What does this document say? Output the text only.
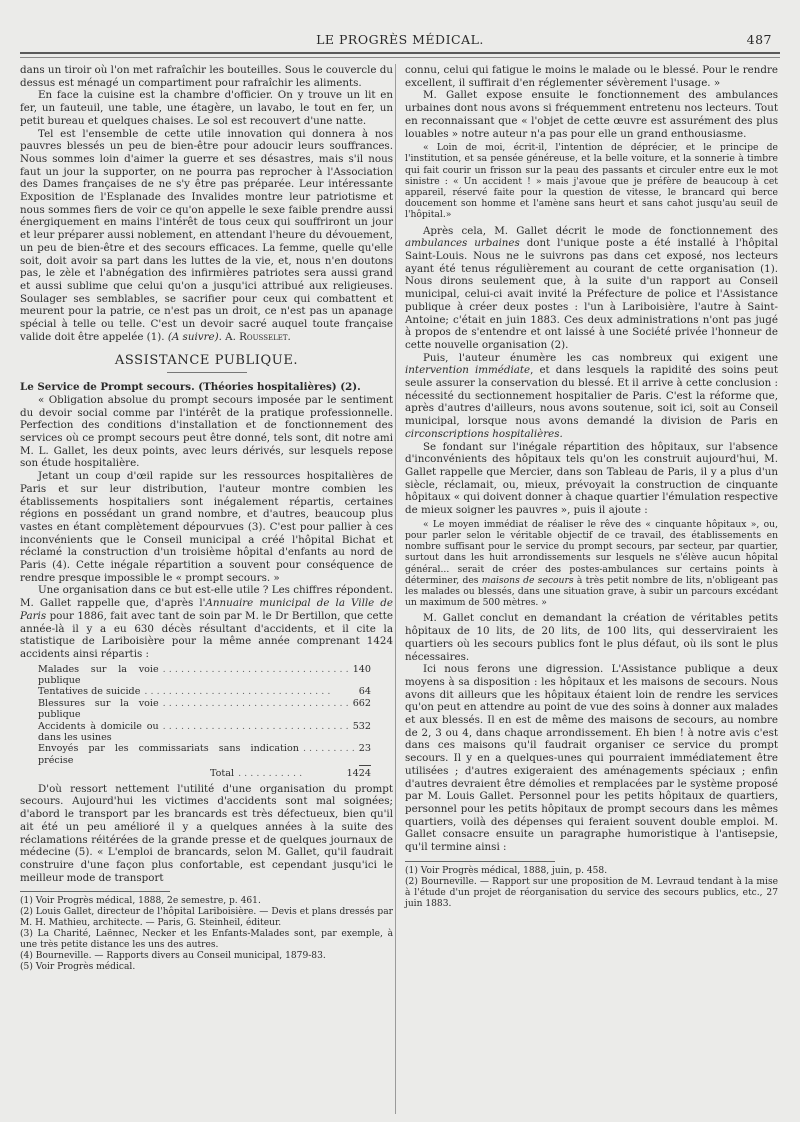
LE PROGRÈS MÉDICAL.	487

dans un tiroir où l'on met rafraîchir les bouteilles. Sous le couvercle du dessus est ménagé un compartiment pour rafraîchir les aliments.

En face la cuisine est la chambre d'officier. On y trouve un lit en fer, un fauteuil, une table, une étagère, un lavabo, le tout en fer, un petit bureau et quelques chaises. Le sol est recouvert d'une natte.

Tel est l'ensemble de cette utile innovation qui donnera à nos pauvres blessés un peu de bien-être pour adoucir leurs souffrances. Nous sommes loin d'aimer la guerre et ses désastres, mais s'il nous faut un jour la supporter, on ne pourra pas reprocher à l'Association des Dames françaises de ne s'y être pas préparée. Leur intéressante Exposition de l'Esplanade des Invalides montre leur patriotisme et nous sommes fiers de voir ce qu'on appelle le sexe faible prendre aussi énergiquement en mains l'intérêt de tous ceux qui souffriront un jour et leur préparer aussi noblement, en attendant l'heure du dévouement, un peu de bien-être et des secours efficaces. La femme, quelle qu'elle soit, doit avoir sa part dans les luttes de la vie, et, nous n'en doutons pas, le zèle et l'abnégation des infirmières patriotes sera aussi grand et aussi sublime que celui qu'on a jusqu'ici attribué aux religieuses. Soulager ses semblables, se sacrifier pour ceux qui combattent et meurent pour la patrie, ce n'est pas un droit, ce n'est pas un apanage spécial à telle ou telle. C'est un devoir sacré auquel toute française valide doit être appelée (1). (A suivre). A. Rousselet.

ASSISTANCE PUBLIQUE.

Le Service de Prompt secours. (Théories hospitalières) (2).

« Obligation absolue du prompt secours imposée par le sentiment du devoir social comme par l'intérêt de la pratique professionnelle. Perfection des conditions d'installation et de fonctionnement des services où ce prompt secours peut être donné, tels sont, dit notre ami M. L. Gallet, les deux points, avec leurs dérivés, sur lesquels repose son étude hospitalière.

Jetant un coup d'œil rapide sur les ressources hospitalières de Paris et sur leur distribution, l'auteur montre combien les établissements hospitaliers sont inégalement répartis, certaines régions en possédant un grand nombre, et d'autres, beaucoup plus vastes en étant complètement dépourvues (3). C'est pour pallier à ces inconvénients que le Conseil municipal a créé l'hôpital Bichat et réclamé la construction d'un troisième hôpital d'enfants au nord de Paris (4). Cette inégale répartition a souvent pour conséquence de rendre presque impossible le « prompt secours. »

Une organisation dans ce but est-elle utile ? Les chiffres répondent. M. Gallet rappelle que, d'après l'Annuaire municipal de la Ville de Paris pour 1886, fait avec tant de soin par M. le Dr Bertillon, que cette année-là il y a eu 630 décès résultant d'accidents, et il cite la statistique de Lariboisière pour la même année comprenant 1424 accidents ainsi répartis :

Malades sur la voie publique
. . . . . . . . . . . . . . . . . . . . . . . . . . . . . . . 140
Tentatives de suicide . . . . . . . . . . . . . . . . . . . . . . . . . . . . . . .	64
Blessures sur la voie publique
. . . . . . . . . . . . . . . . . . . . . . . . . . . . . . . 662
Accidents à domicile ou dans les usines
. . . . . . . . . . . . . . . . . . . . . . . . . . . . . . . 532
Envoyés par les commissariats sans indication précise
. . . . . . . . . 23
Total . . . . . . . . . . .	1424

D'où ressort nettement l'utilité d'une organisation du prompt secours. Aujourd'hui les victimes d'accidents sont mal soignées; d'abord le transport par les brancards est très défectueux, bien qu'il ait été un peu amélioré il y a quelques années à la suite des réclamations réitérées de la grande presse et de quelques journaux de médecine (5). « L'emploi de brancards, selon M. Gallet, qu'il faudrait construire d'une façon plus confortable, est cependant jusqu'ici le meilleur mode de transport

(1) Voir Progrès médical, 1888, 2e semestre, p. 461.
(2) Louis Gallet, directeur de l'hôpital Lariboisière. — Devis et plans dressés par M. H. Mathieu, architecte. — Paris, G. Steinheil, éditeur.
(3) La Charité, Laënnec, Necker et les Enfants-Malades sont, par exemple, à une très petite distance les uns des autres.
(4) Bourneville. — Rapports divers au Conseil municipal, 1879-83.
(5) Voir Progrès médical.

connu, celui qui fatigue le moins le malade ou le blessé. Pour le rendre excellent, il suffirait d'en réglementer sévèrement l'usage. »

M. Gallet expose ensuite le fonctionnement des ambulances urbaines dont nous avons si fréquemment entretenu nos lecteurs. Tout en reconnaissant que « l'objet de cette œuvre est assurément des plus louables » notre auteur n'a pas pour elle un grand enthousiasme.

« Loin de moi, écrit-il, l'intention de déprécier, et le principe de l'institution, et sa pensée généreuse, et la belle voiture, et la sonnerie à timbre qui fait courir un frisson sur la peau des passants et circuler entre eux le mot sinistre : « Un accident ! » mais j'avoue que je préfère de beaucoup à cet appareil, réservé faite pour la question de vitesse, le brancard qui berce doucement son homme et l'amène sans heurt et sans cahot jusqu'au seuil de l'hôpital.»

Après cela, M. Gallet décrit le mode de fonctionnement des ambulances urbaines dont l'unique poste a été installé à l'hôpital Saint-Louis. Nous ne le suivrons pas dans cet exposé, nos lecteurs ayant été tenus régulièrement au courant de cette organisation (1). Nous dirons seulement que, à la suite d'un rapport au Conseil municipal, celui-ci avait invité la Préfecture de police et l'Assistance publique à créer deux postes : l'un à Lariboisière, l'autre à Saint-Antoine; c'était en juin 1883. Ces deux administrations n'ont pas jugé à propos de s'entendre et ont laissé à une Société privée l'honneur de cette nouvelle organisation (2).

Puis, l'auteur énumère les cas nombreux qui exigent une intervention immédiate, et dans lesquels la rapidité des soins peut seule assurer la conservation du blessé. Et il arrive à cette conclusion : nécessité du sectionnement hospitalier de Paris. C'est la réforme que, après d'autres d'ailleurs, nous avons soutenue, soit ici, soit au Conseil municipal, lorsque nous avons demandé la division de Paris en circonscriptions hospitalières.

Se fondant sur l'inégale répartition des hôpitaux, sur l'absence d'inconvénients des hôpitaux tels qu'on les construit aujourd'hui, M. Gallet rappelle que Mercier, dans son Tableau de Paris, il y a plus d'un siècle, réclamait, ou, mieux, prévoyait la construction de cinquante hôpitaux « qui doivent donner à chaque quartier l'émulation respective de mieux soigner les pauvres », puis il ajoute :

« Le moyen immédiat de réaliser le rêve des « cinquante hôpitaux », ou, pour parler selon le véritable objectif de ce travail, des établissements en nombre suffisant pour le service du prompt secours, par secteur, par quartier, surtout dans les huit arrondissements sur lesquels ne s'élève aucun hôpital général... serait de créer des postes-ambulances sur certains points à déterminer, des maisons de secours à très petit nombre de lits, n'obligeant pas les malades ou blessés, dans une situation grave, à subir un parcours excédant un maximum de 500 mètres. »

M. Gallet conclut en demandant la création de véritables petits hôpitaux de 10 lits, de 20 lits, de 100 lits, qui desserviraient les quartiers où les secours publics font le plus défaut, où ils sont le plus nécessaires.

Ici nous ferons une digression. L'Assistance publique a deux moyens à sa disposition : les hôpitaux et les maisons de secours. Nous avons dit ailleurs que les hôpitaux étaient loin de rendre les services qu'on peut en attendre au point de vue des soins à donner aux malades et aux blessés. Il en est de même des maisons de secours, au nombre de 2, 3 ou 4, dans chaque arrondissement. Eh bien ! à notre avis c'est dans ces maisons qu'il faudrait organiser ce service du prompt secours. Il y en a quelques-unes qui pourraient immédiatement être utilisées ; d'autres exigeraient des aménagements spéciaux ; enfin d'autres devraient être démolies et remplacées par le système proposé par M. Louis Gallet. Personnel pour les petits hôpitaux de quartiers, personnel pour les petits hôpitaux de prompt secours dans les mêmes quartiers, voilà des dépenses qui feraient souvent double emploi. M. Gallet consacre ensuite un paragraphe humoristique à l'antisepsie, qu'il termine ainsi :

(1) Voir Progrès médical, 1888, juin, p. 458.
(2) Bourneville. — Rapport sur une proposition de M. Levraud tendant à la mise à l'étude d'un projet de réorganisation du service des secours publics, etc., 27 juin 1883.
